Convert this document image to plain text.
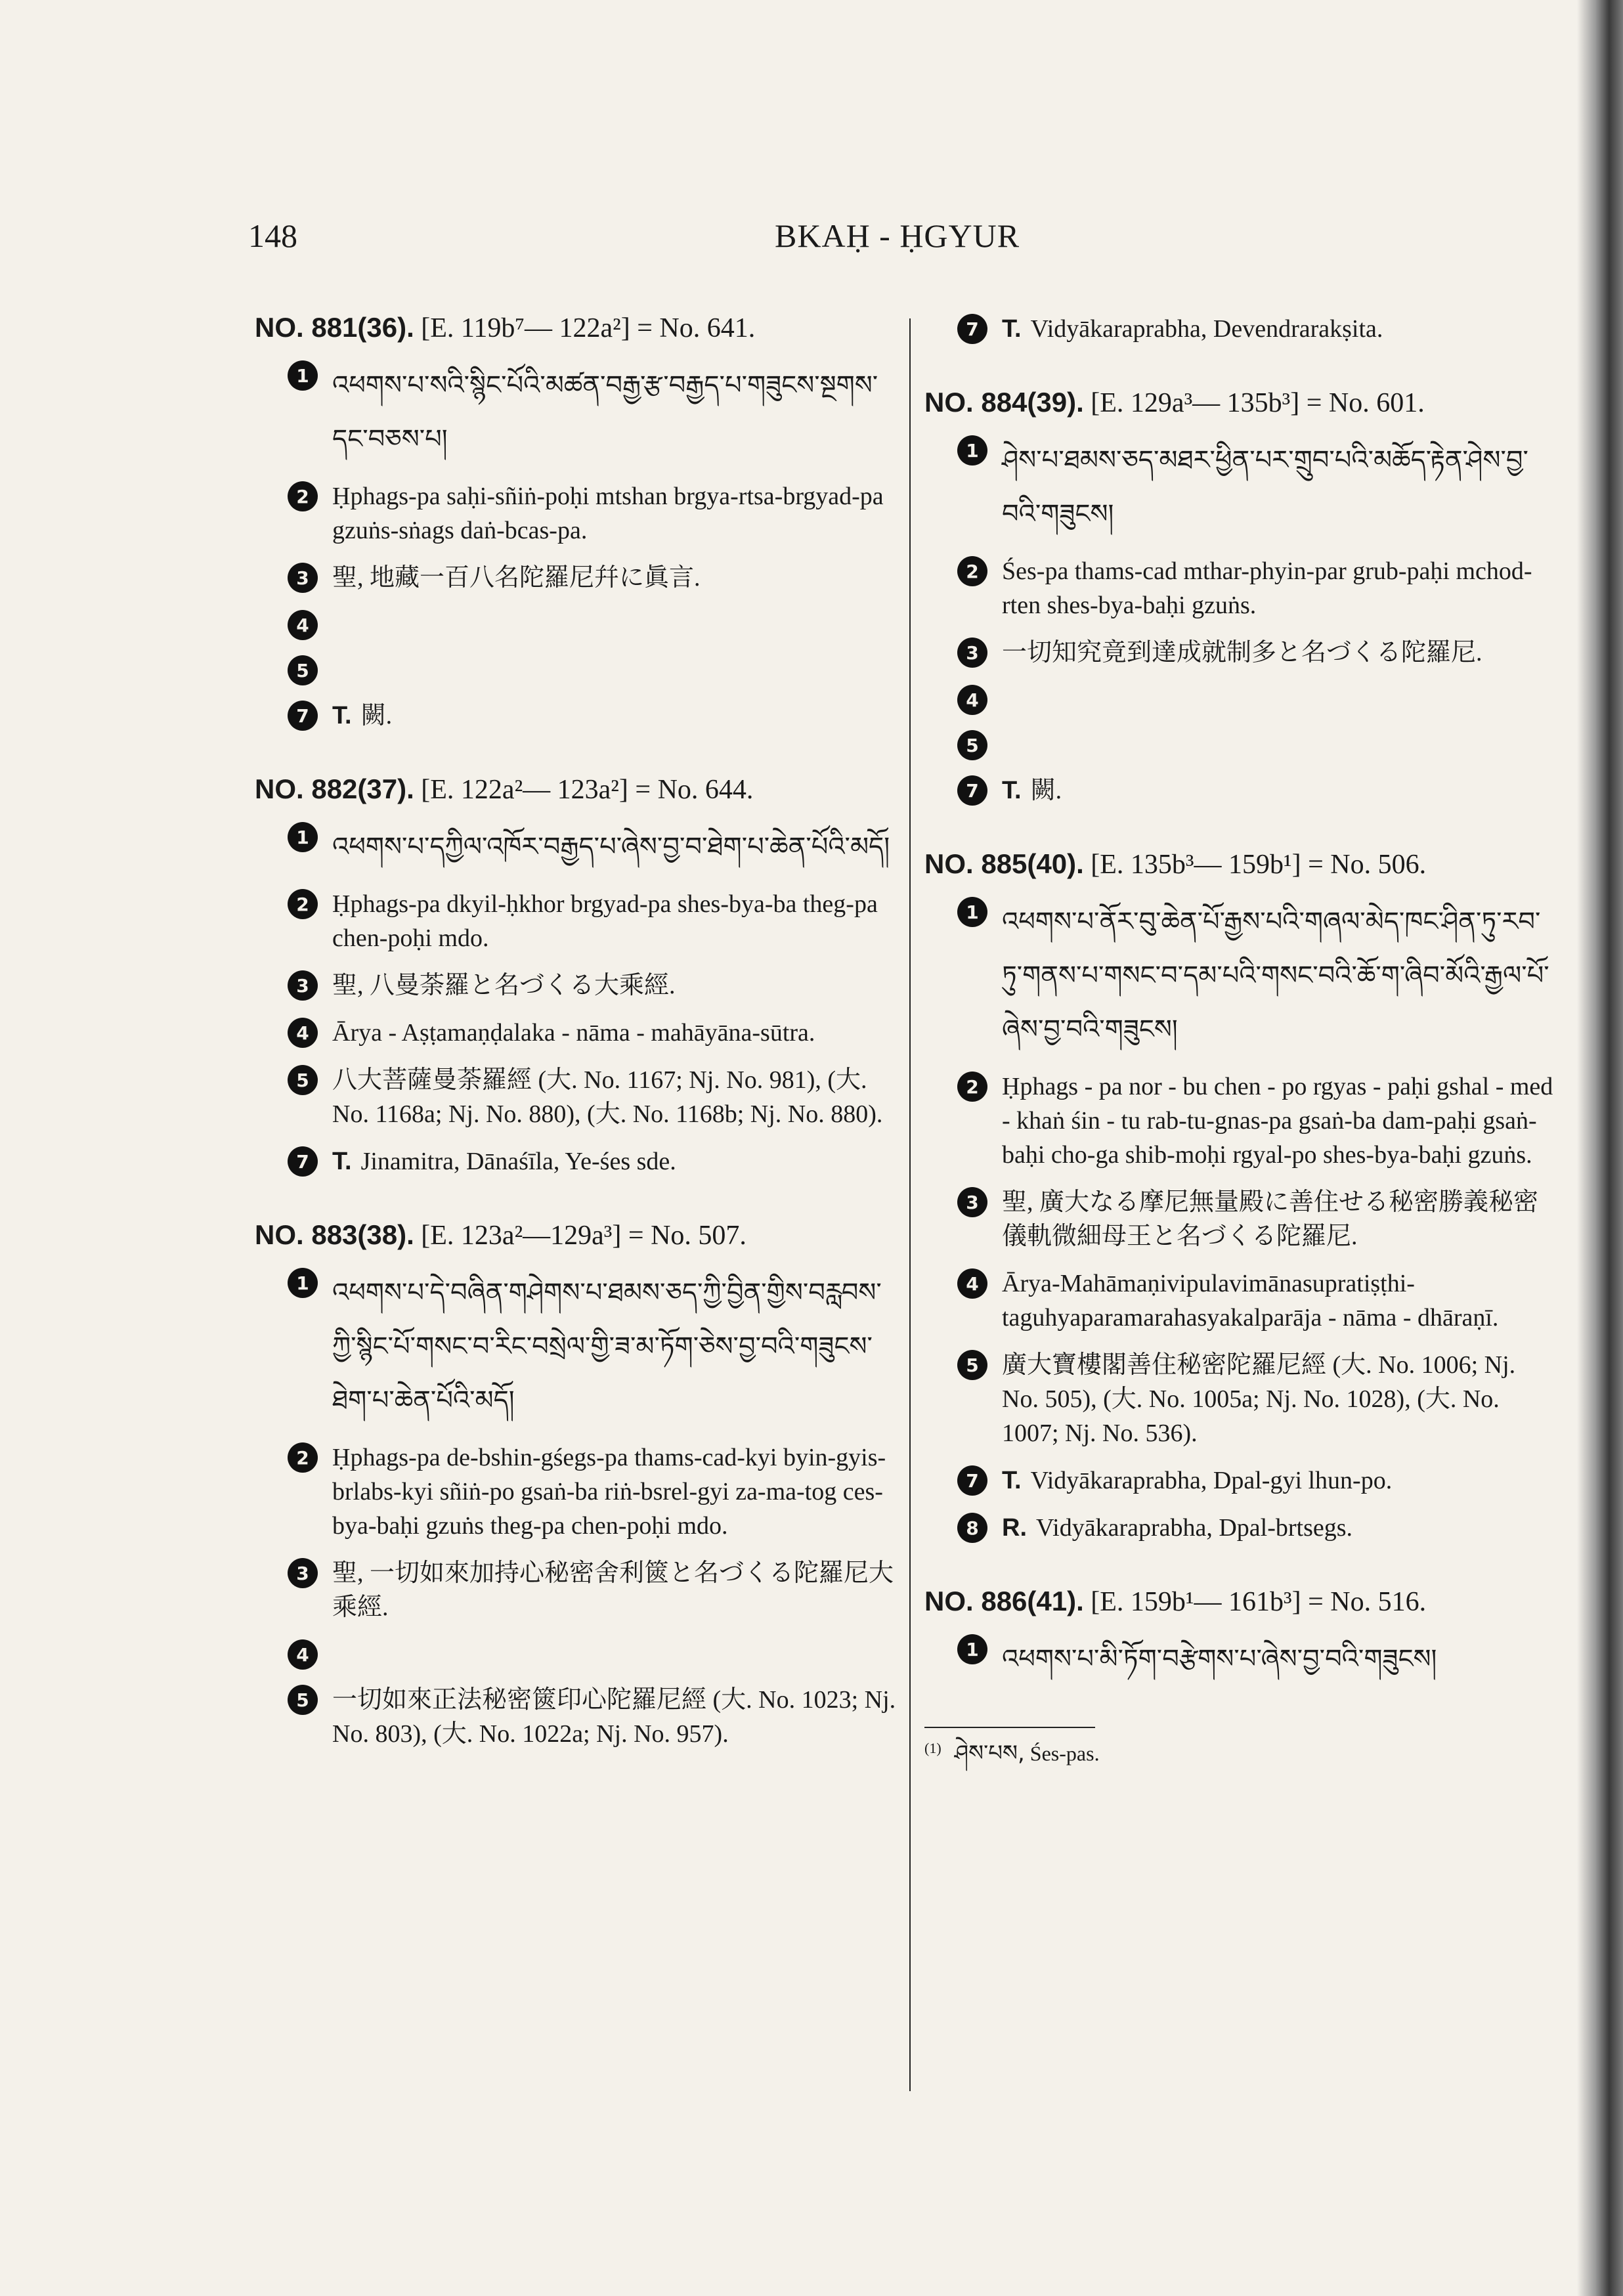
148	BKAḤ - ḤGYUR
NO. 881(36). [E. 119b⁷— 122a²] = No. 641.
1 འཕགས་པ་སའི་སྙིང་པོའི་མཚན་བརྒྱ་རྩ་བརྒྱད་པ་གཟུངས་སྔགས་དང་བཅས་པ།
2 Ḥphags-pa saḥi-sñiṅ-poḥi mtshan brgya-rtsa-brgyad-pa gzuṅs-sṅags daṅ-bcas-pa.
3 聖, 地藏一百八名陀羅尼幷に眞言.
4
5
7 T. 闕.
NO. 882(37). [E. 122a²— 123a²] = No. 644.
1 འཕགས་པ་དཀྱིལ་འཁོར་བརྒྱད་པ་ཞེས་བྱ་བ་ཐེག་པ་ཆེན་པོའི་མདོ།
2 Ḥphags-pa dkyil-ḥkhor brgyad-pa shes-bya-ba theg-pa chen-poḥi mdo.
3 聖, 八曼荼羅と名づくる大乘經.
4 Ārya - Aṣṭamaṇḍalaka - nāma - mahāyāna-sūtra.
5 八大菩薩曼荼羅經 (大. No. 1167; Nj. No. 981), (大. No. 1168a; Nj. No. 880), (大. No. 1168b; Nj. No. 880).
7 T. Jinamitra, Dānaśīla, Ye-śes sde.
NO. 883(38). [E. 123a²—129a³] = No. 507.
1 འཕགས་པ་དེ་བཞིན་གཤེགས་པ་ཐམས་ཅད་ཀྱི་བྱིན་གྱིས་བརླབས་ཀྱི་སྙིང་པོ་གསང་བ་རིང་བསྲེལ་གྱི་ཟ་མ་ཏོག་ཅེས་བྱ་བའི་གཟུངས་ཐེག་པ་ཆེན་པོའི་མདོ།
2 Ḥphags-pa de-bshin-gśegs-pa thams-cad-kyi byin-gyis-brlabs-kyi sñiṅ-po gsaṅ-ba riṅ-bsrel-gyi za-ma-tog ces-bya-baḥi gzuṅs theg-pa chen-poḥi mdo.
3 聖, 一切如來加持心秘密舍利篋と名づくる陀羅尼大乘經.
4
5 一切如來正法秘密篋印心陀羅尼經 (大. No. 1023; Nj. No. 803), (大. No. 1022a; Nj. No. 957).
7 T. Vidyākaraprabha, Devendrarakṣita.
NO. 884(39). [E. 129a³— 135b³] = No. 601.
1 ཤེས་པ་ཐམས་ཅད་མཐར་ཕྱིན་པར་གྲུབ་པའི་མཆོད་རྟེན་ཤེས་བྱ་བའི་གཟུངས།
2 Śes-pa thams-cad mthar-phyin-par grub-paḥi mchod-rten shes-bya-baḥi gzuṅs.
3 一切知究竟到達成就制多と名づくる陀羅尼.
4
5
7 T. 闕.
NO. 885(40). [E. 135b³— 159b¹] = No. 506.
1 འཕགས་པ་ནོར་བུ་ཆེན་པོ་རྒྱས་པའི་གཞལ་མེད་ཁང་ཤིན་ཏུ་རབ་ཏུ་གནས་པ་གསང་བ་དམ་པའི་གསང་བའི་ཆོ་ག་ཞིབ་མོའི་རྒྱལ་པོ་ཞེས་བྱ་བའི་གཟུངས།
2 Ḥphags - pa nor - bu chen - po rgyas - paḥi gshal - med - khaṅ śin - tu rab-tu-gnas-pa gsaṅ-ba dam-paḥi gsaṅ-baḥi cho-ga shib-moḥi rgyal-po shes-bya-baḥi gzuṅs.
3 聖, 廣大なる摩尼無量殿に善住せる秘密勝義秘密儀軌微細母王と名づくる陀羅尼.
4 Ārya-Mahāmaṇivipulavimānasupratiṣṭhi-taguhyaparamarahasyakalparāja - nāma - dhāraṇī.
5 廣大寶樓閣善住秘密陀羅尼經 (大. No. 1006; Nj. No. 505), (大. No. 1005a; Nj. No. 1028), (大. No. 1007; Nj. No. 536).
7 T. Vidyākaraprabha, Dpal-gyi lhun-po.
8 R. Vidyākaraprabha, Dpal-brtsegs.
NO. 886(41). [E. 159b¹— 161b³] = No. 516.
1 འཕགས་པ་མི་ཏོག་བརྩེགས་པ་ཞེས་བྱ་བའི་གཟུངས།
$^{(1)}$ ཤེས་པས, Śes-pas.
